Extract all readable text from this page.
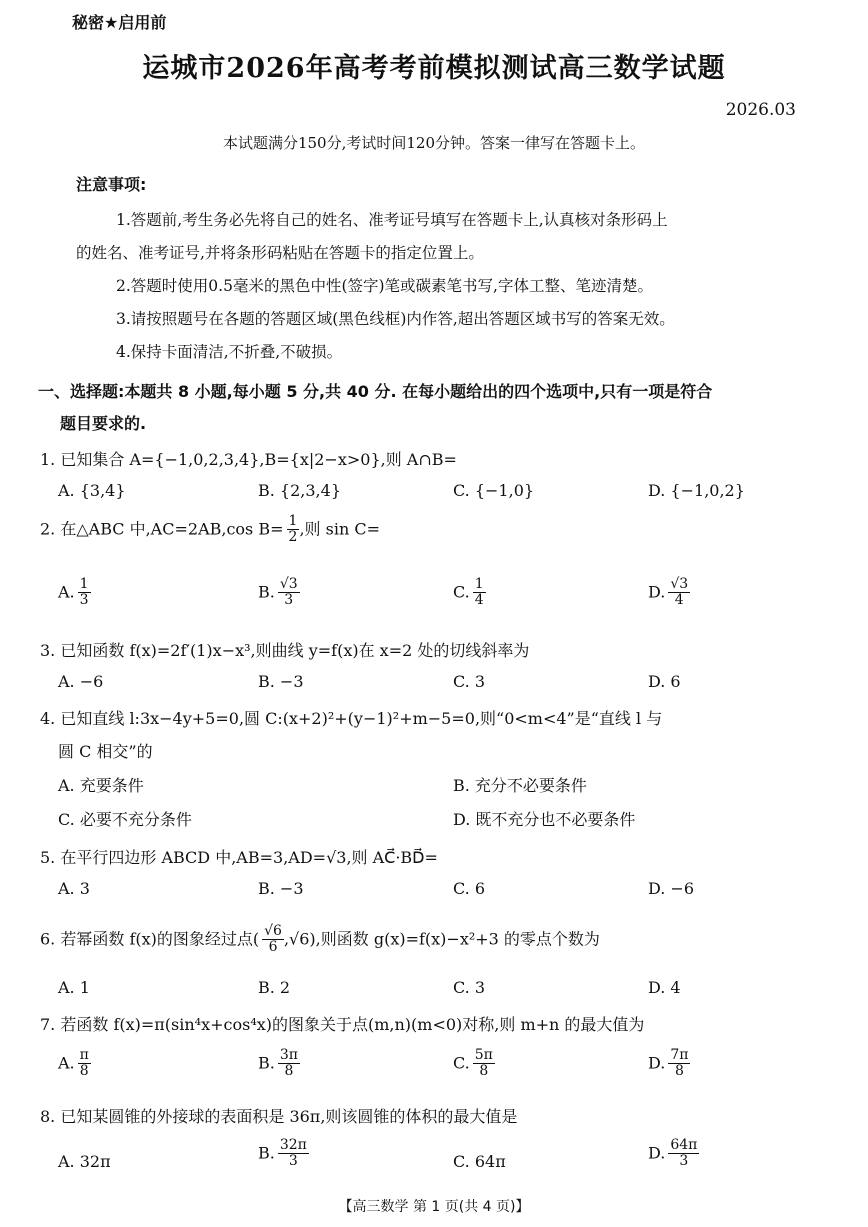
秘密★启用前
运城市2026年高考考前模拟测试高三数学试题
2026.03
本试题满分150分,考试时间120分钟。答案一律写在答题卡上。
注意事项:
1.答题前,考生务必先将自己的姓名、准考证号填写在答题卡上,认真核对条形码上
的姓名、准考证号,并将条形码粘贴在答题卡的指定位置上。
2.答题时使用0.5毫米的黑色中性(签字)笔或碳素笔书写,字体工整、笔迹清楚。
3.请按照题号在各题的答题区域(黑色线框)内作答,超出答题区域书写的答案无效。
4.保持卡面清洁,不折叠,不破损。
一、选择题:本题共 8 小题,每小题 5 分,共 40 分. 在每小题给出的四个选项中,只有一项是符合
题目要求的.
1. 已知集合 A={−1,0,2,3,4},B={x|2−x>0},则 A∩B=
A. {3,4}	B. {2,3,4}	C. {−1,0}	D. {−1,0,2}
2. 在△ABC 中,AC=2AB,cos $B= \frac{1}{2}$ ,则 sin C=
A. $\frac{1}{3}$	B. $\frac{√3}{3}$	C. $\frac{1}{4}$	D. $\frac{√3}{4}$
3. 已知函数 f(x)=2f′(1)x−x³,则曲线 y=f(x)在 x=2 处的切线斜率为
A. −6	B. −3	C. 3	D. 6
4. 已知直线 l:3x−4y+5=0,圆 C:(x+2)²+(y−1)²+m−5=0,则“0<m<4”是“直线 l 与
圆 C 相交”的
A. 充要条件	B. 充分不必要条件
C. 必要不充分条件	D. 既不充分也不必要条件
5. 在平行四边形 ABCD 中,AB=3,AD=√3,则 AC⃗·BD⃗=
A. 3	B. −3	C. 6	D. −6
6. 若幂函数 f(x)的图象经过点( $\frac{√6}{6} ,√6$),则函数 g(x)=f(x)−x²+3 的零点个数为
A. 1	B. 2	C. 3	D. 4
7. 若函数 f(x)=π(sin⁴x+cos⁴x)的图象关于点(m,n)(m<0)对称,则 m+n 的最大值为
A. $\frac{\pi}{8}$	B. $\frac{3\pi}{8}$	C. $\frac{5\pi}{8}$	D. $\frac{7\pi}{8}$
8. 已知某圆锥的外接球的表面积是 36π,则该圆锥的体积的最大值是
A. 32π	B. $\frac{32\pi}{3}$	C. 64π	D. $\frac{64\pi}{3}$
【高三数学 第 1 页(共 4 页)】
